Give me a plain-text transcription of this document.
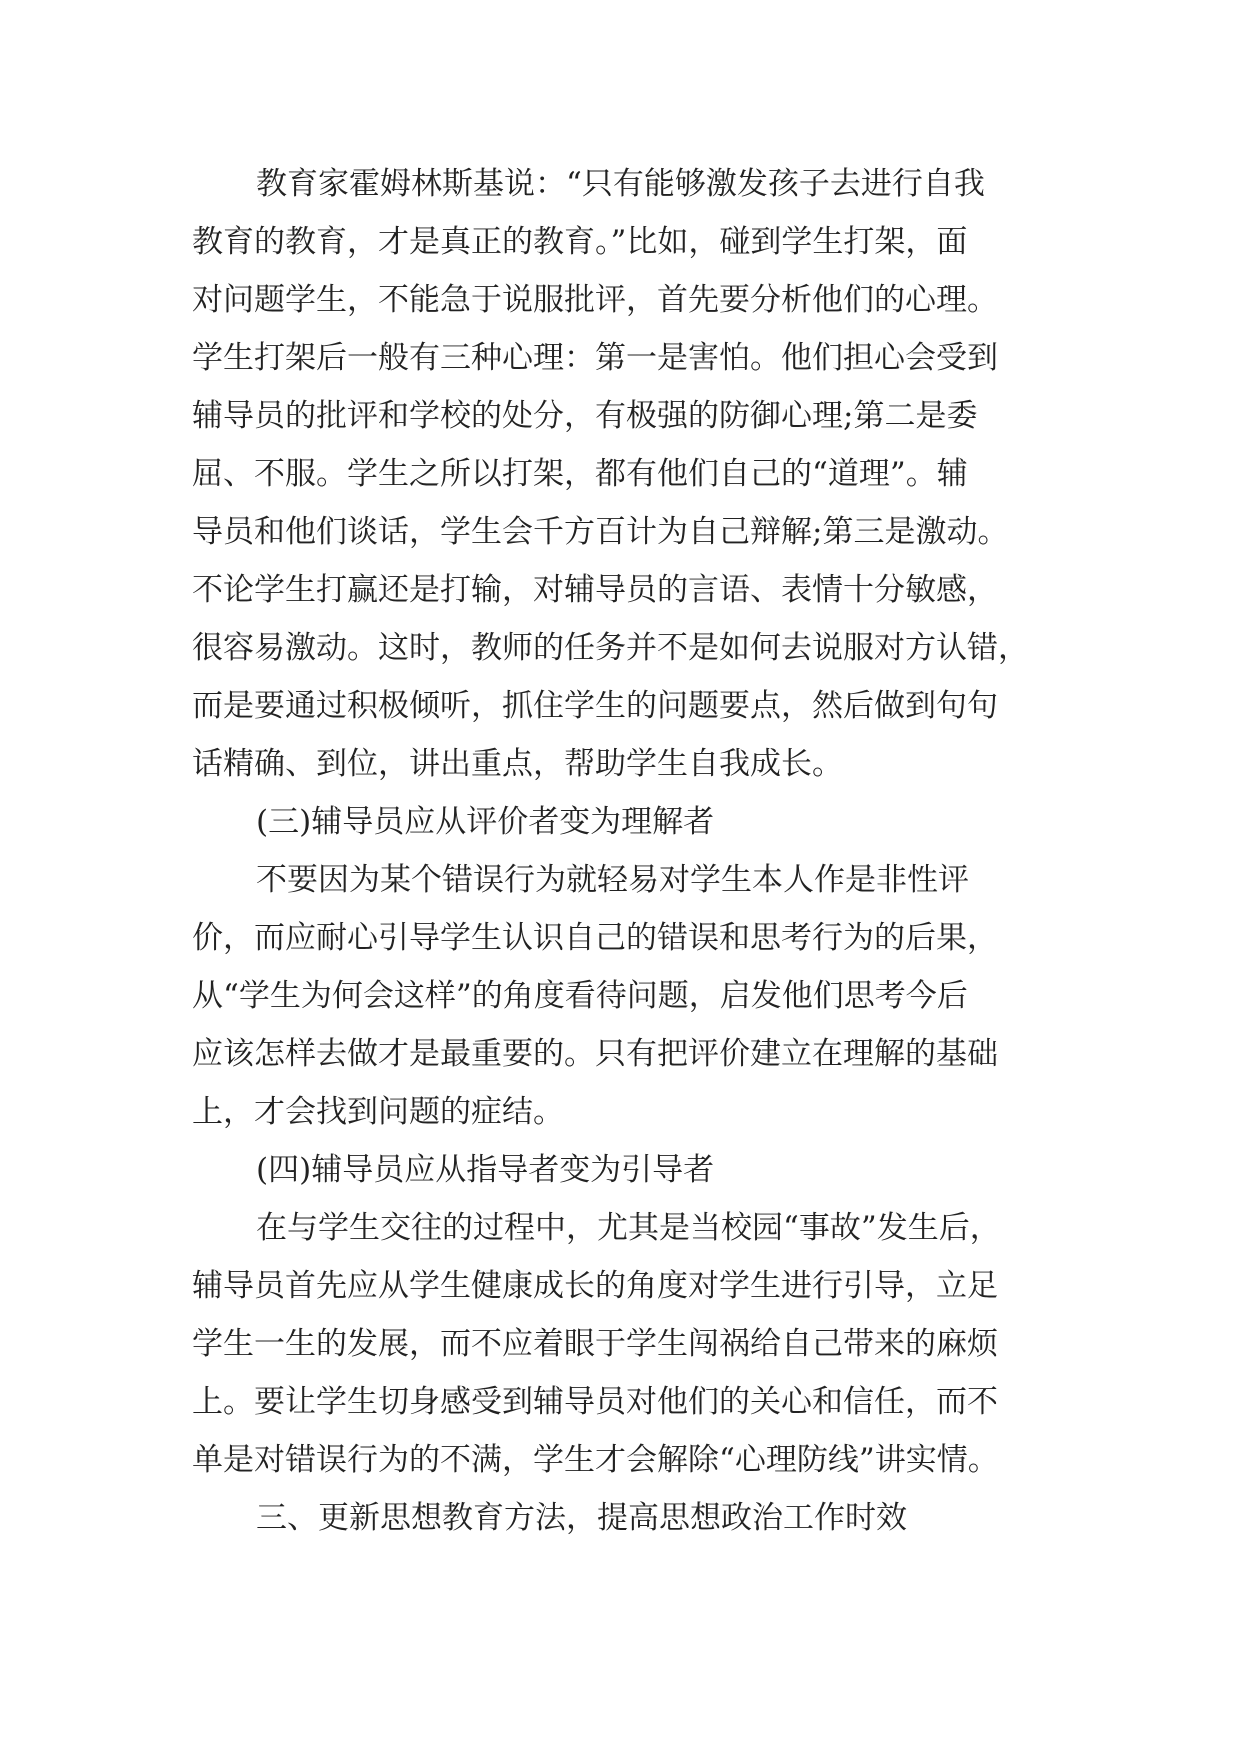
教育家霍姆林斯基说：“只有能够激发孩子去进行自我
教育的教育，才是真正的教育。”比如，碰到学生打架，面
对问题学生，不能急于说服批评，首先要分析他们的心理。
学生打架后一般有三种心理：第一是害怕。他们担心会受到
辅导员的批评和学校的处分，有极强的防御心理;第二是委
屈、不服。学生之所以打架，都有他们自己的“道理”。辅
导员和他们谈话，学生会千方百计为自己辩解;第三是激动。
不论学生打赢还是打输，对辅导员的言语、表情十分敏感，
很容易激动。这时，教师的任务并不是如何去说服对方认错，
而是要通过积极倾听，抓住学生的问题要点，然后做到句句
话精确、到位，讲出重点，帮助学生自我成长。
(三)辅导员应从评价者变为理解者
不要因为某个错误行为就轻易对学生本人作是非性评
价，而应耐心引导学生认识自己的错误和思考行为的后果，
从“学生为何会这样”的角度看待问题，启发他们思考今后
应该怎样去做才是最重要的。只有把评价建立在理解的基础
上，才会找到问题的症结。
(四)辅导员应从指导者变为引导者
在与学生交往的过程中，尤其是当校园“事故”发生后，
辅导员首先应从学生健康成长的角度对学生进行引导，立足
学生一生的发展，而不应着眼于学生闯祸给自己带来的麻烦
上。要让学生切身感受到辅导员对他们的关心和信任，而不
单是对错误行为的不满，学生才会解除“心理防线”讲实情。
三、更新思想教育方法，提高思想政治工作时效
